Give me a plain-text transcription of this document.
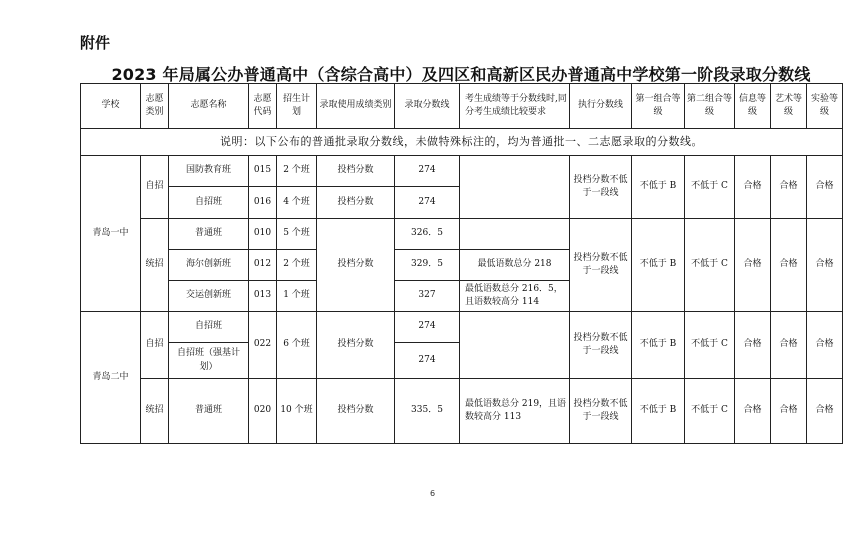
附件
2023 年局属公办普通高中（含综合高中）及四区和高新区民办普通高中学校第一阶段录取分数线
学校	志愿类别	志愿名称	志愿代码	招生计划	录取使用成绩类别	录取分数线	考生成绩等于分数线时,同分考生成绩比较要求	执行分数线	第一组合等级	第二组合等级	信息等级	艺术等级	实验等级
说明：以下公布的普通批录取分数线，未做特殊标注的，均为普通批一、二志愿录取的分数线。													
青岛一中	自招	国防教育班	015	2 个班	投档分数	274		投档分数不低于一段线	不低于 B	不低于 C	合格	合格	合格
		自招班	016	4 个班	投档分数	274							
	统招	普通班	010	5 个班	投档分数	326．5		投档分数不低于一段线	不低于 B	不低于 C	合格	合格	合格
		海尔创新班	012	2 个班		329．5	最低语数总分 218						
		交运创新班	013	1 个班		327	最低语数总分 216．5，且语数较高分 114						
青岛二中	自招	自招班	022	6 个班	投档分数	274		投档分数不低于一段线	不低于 B	不低于 C	合格	合格	合格
		自招班（强基计划）				274							
	统招	普通班	020	10 个班	投档分数	335．5	最低语数总分 219，且语数较高分 113	投档分数不低于一段线	不低于 B	不低于 C	合格	合格	合格
6
